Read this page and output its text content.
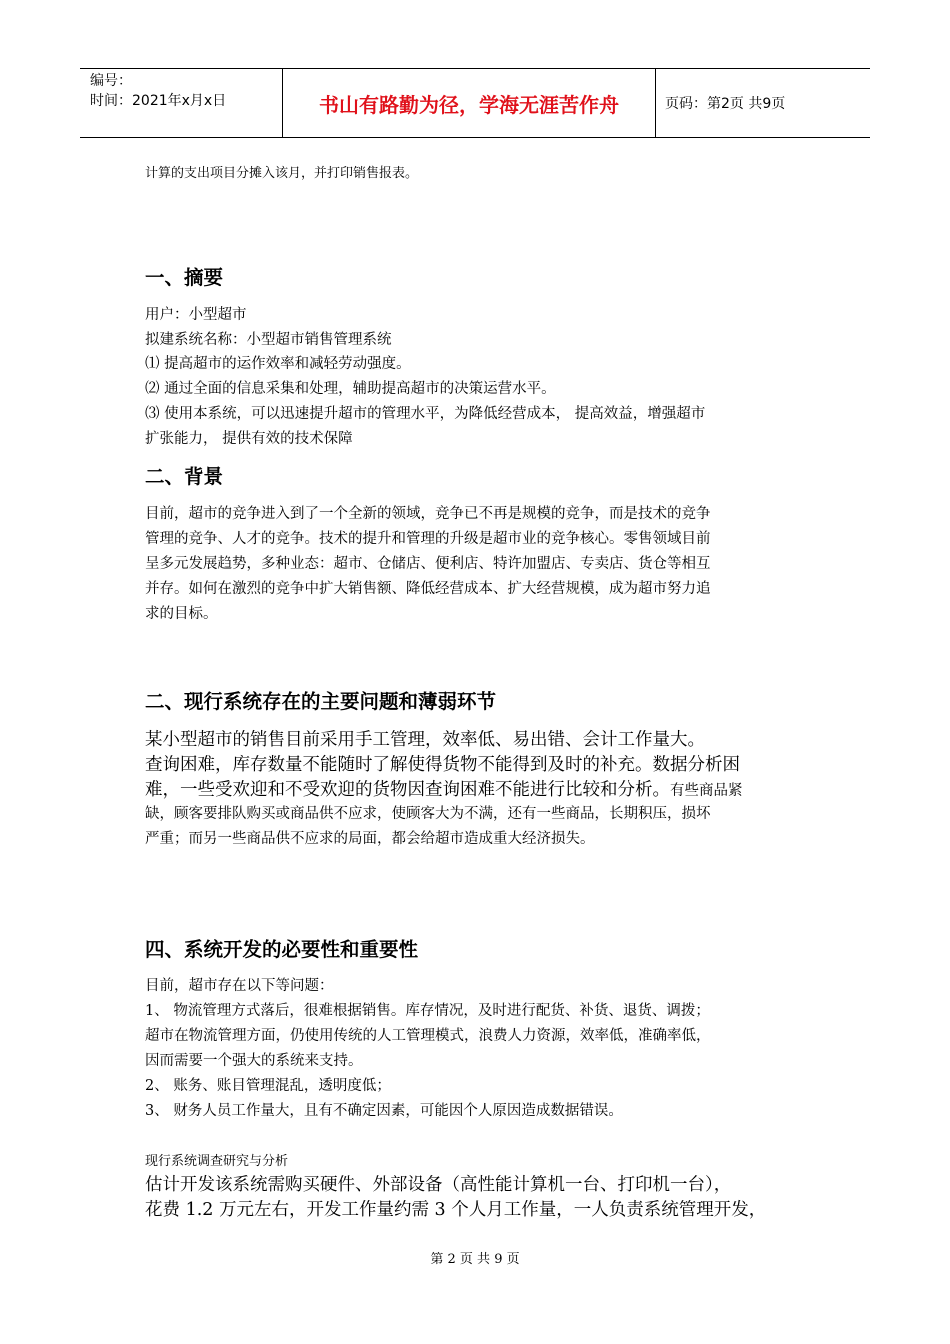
编号：
时间：2021年x月x日	书山有路勤为径，学海无涯苦作舟	页码：第2页 共9页
计算的支出项目分摊入该月，并打印销售报表。
一、摘要
用户：小型超市
拟建系统名称：小型超市销售管理系统
⑴ 提高超市的运作效率和减轻劳动强度。
⑵ 通过全面的信息采集和处理，辅助提高超市的决策运营水平。
⑶ 使用本系统，可以迅速提升超市的管理水平，为降低经营成本， 提高效益，增强超市
扩张能力， 提供有效的技术保障
二、背景
目前，超市的竞争进入到了一个全新的领域，竞争已不再是规模的竞争，而是技术的竞争
管理的竞争、人才的竞争。技术的提升和管理的升级是超市业的竞争核心。零售领域目前
呈多元发展趋势，多种业态：超市、仓储店、便利店、特许加盟店、专卖店、货仓等相互
并存。如何在激烈的竞争中扩大销售额、降低经营成本、扩大经营规模，成为超市努力追
求的目标。
二、现行系统存在的主要问题和薄弱环节
某小型超市的销售目前采用手工管理，效率低、易出错、会计工作量大。
查询困难，库存数量不能随时了解使得货物不能得到及时的补充。数据分析困
难，一些受欢迎和不受欢迎的货物因查询困难不能进行比较和分析。有些商品紧
缺，顾客要排队购买或商品供不应求，使顾客大为不满，还有一些商品，长期积压，损坏
严重；而另一些商品供不应求的局面，都会给超市造成重大经济损失。
四、系统开发的必要性和重要性
目前，超市存在以下等问题：
1、 物流管理方式落后，很难根据销售。库存情况，及时进行配货、补货、退货、调拨；
超市在物流管理方面，仍使用传统的人工管理模式，浪费人力资源，效率低，准确率低，
因而需要一个强大的系统来支持。
2、 账务、账目管理混乱，透明度低；
3、 财务人员工作量大，且有不确定因素，可能因个人原因造成数据错误。
现行系统调查研究与分析
估计开发该系统需购买硬件、外部设备（高性能计算机一台、打印机一台），
花费 1.2 万元左右，开发工作量约需 3 个人月工作量，一人负责系统管理开发，
第 2 页 共 9 页
